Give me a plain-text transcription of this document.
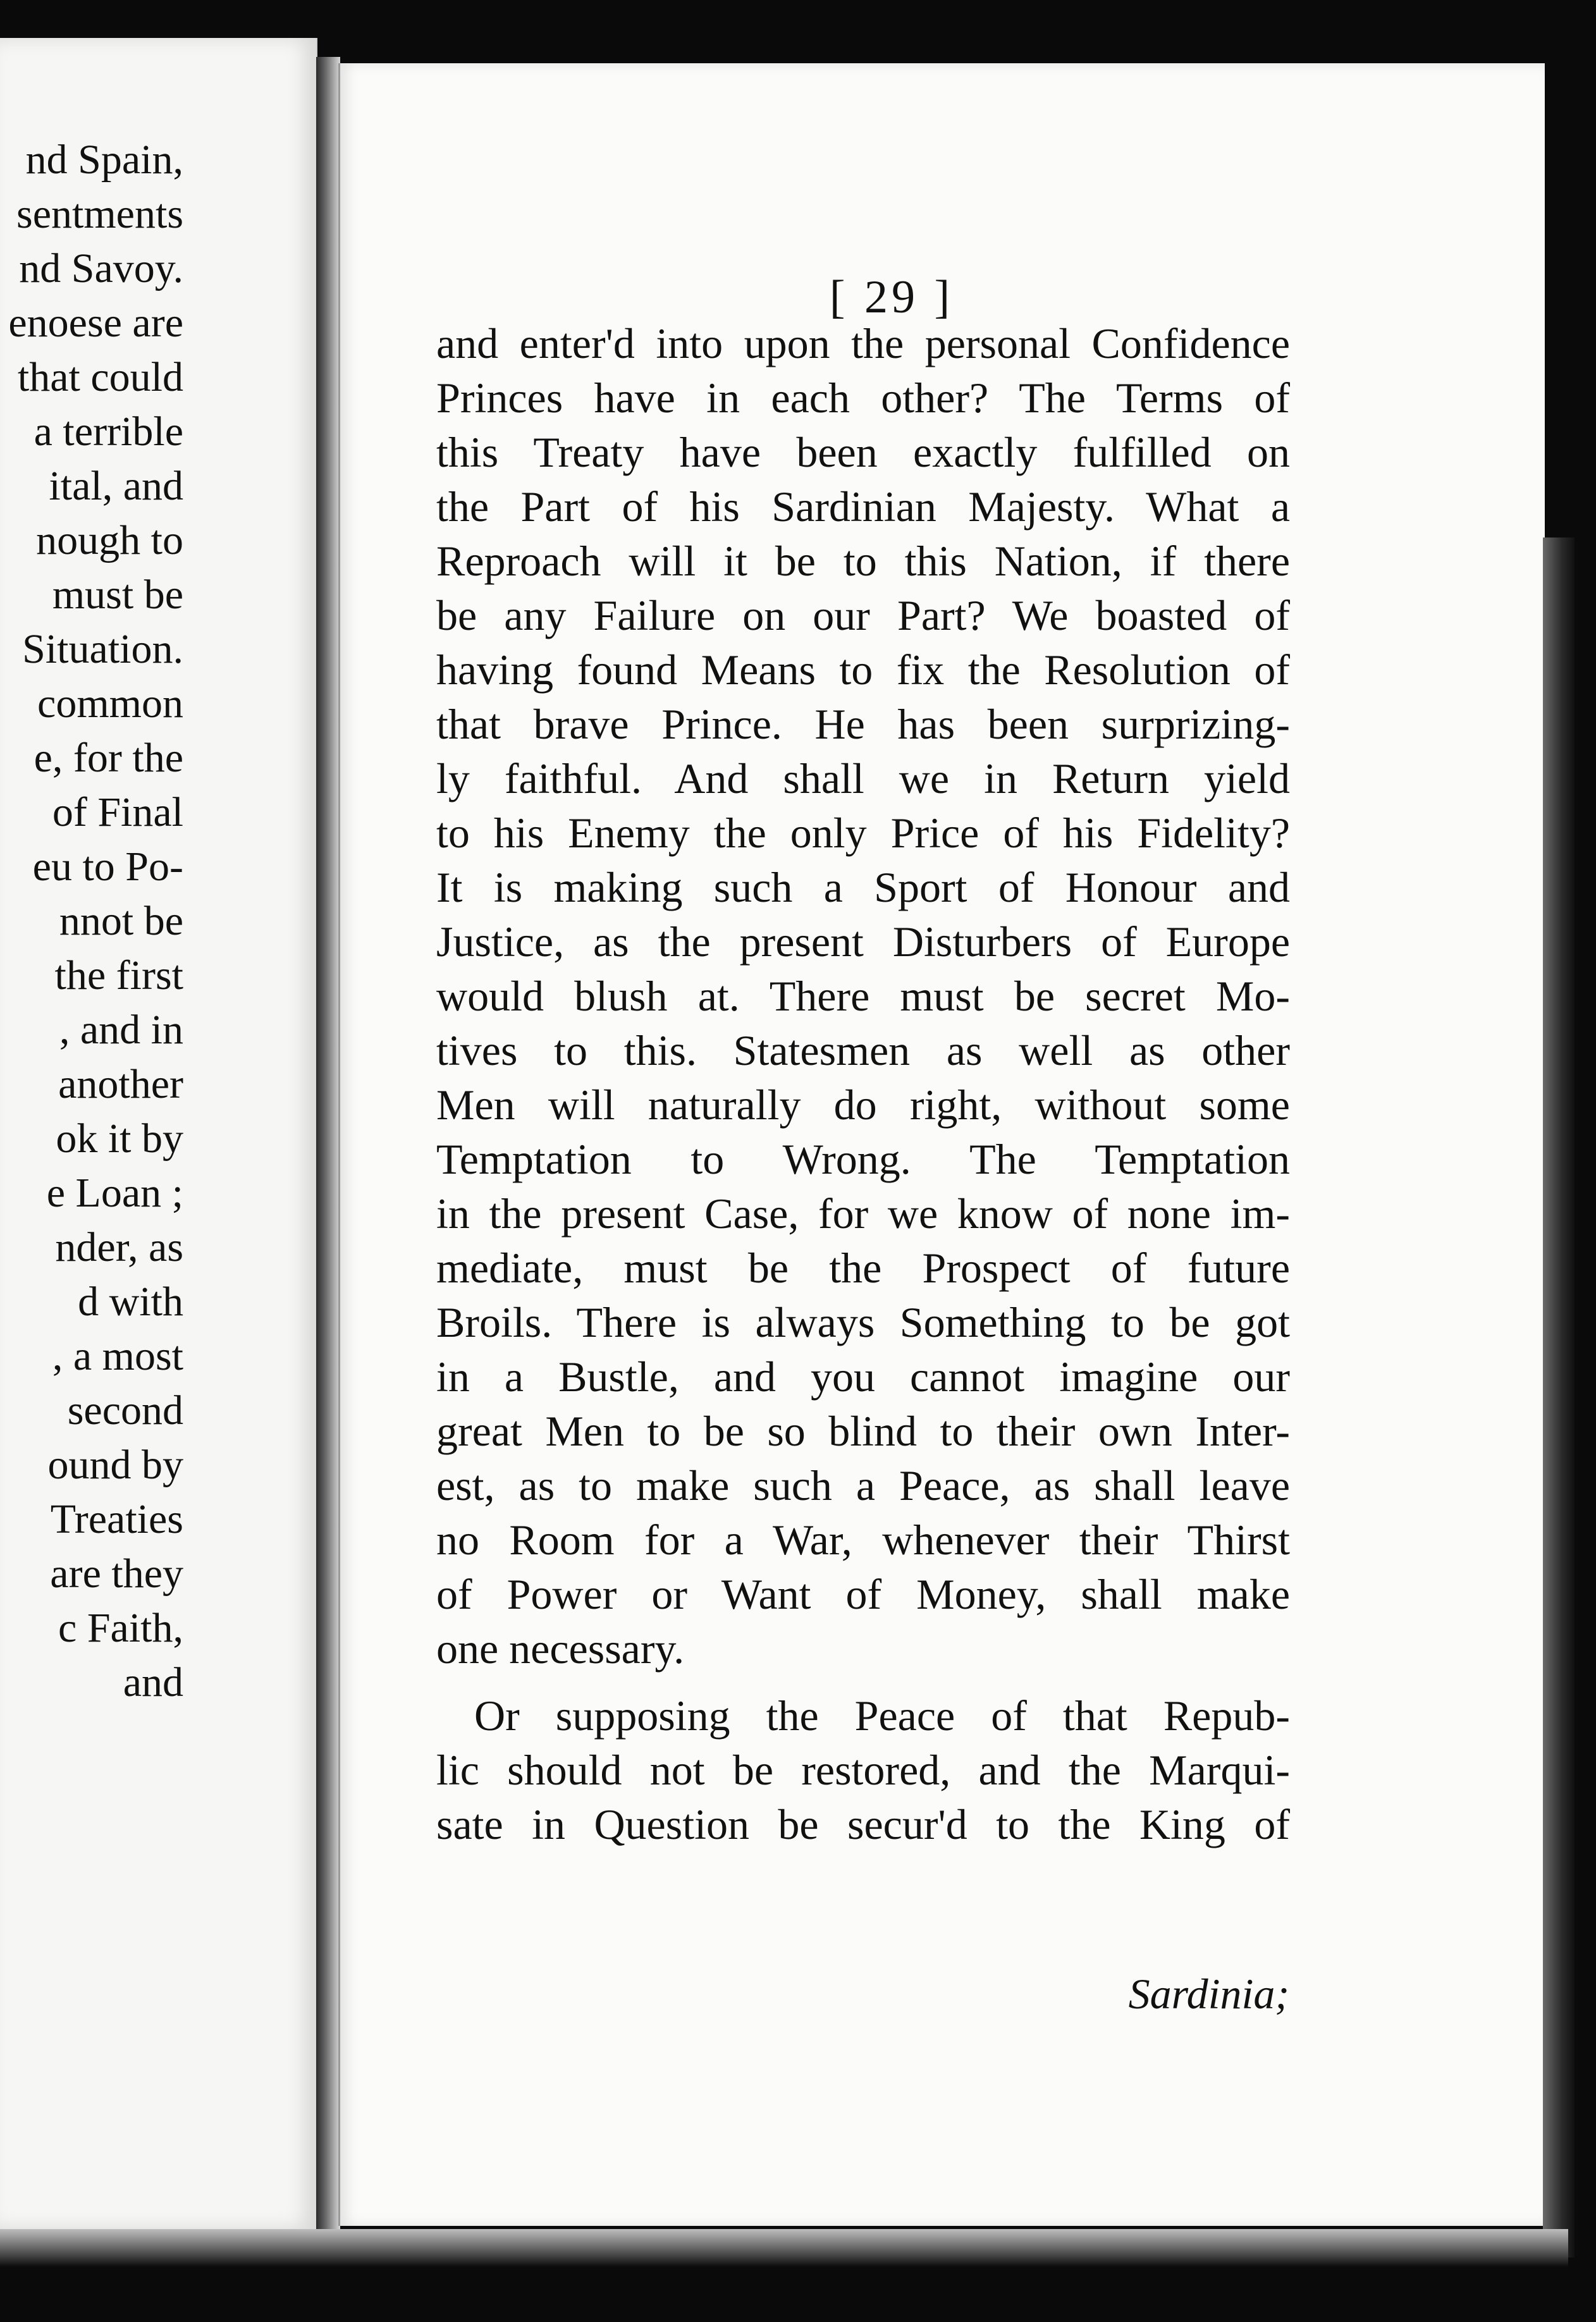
nd Spain,
sentments
nd Savoy.
enoese are
that could
a terrible
ital, and
nough to
must be
Situation.
common
e, for the
of Final
eu to Po-
nnot be
the first
, and in
another
ok it by
e Loan ;
nder, as
d with
, a most
second
ound by
Treaties
are they
c Faith,
and
[ 29 ]
and enter'd into upon the personal Confidence
Princes have in each other? The Terms of
this Treaty have been exactly fulfilled on
the Part of his Sardinian Majesty. What a
Reproach will it be to this Nation, if there
be any Failure on our Part? We boasted of
having found Means to fix the Resolution of
that brave Prince. He has been surprizing-
ly faithful. And shall we in Return yield
to his Enemy the only Price of his Fidelity?
It is making such a Sport of Honour and
Justice, as the present Disturbers of Europe
would blush at. There must be secret Mo-
tives to this. Statesmen as well as other
Men will naturally do right, without some
Temptation to Wrong. The Temptation
in the present Case, for we know of none im-
mediate, must be the Prospect of future
Broils. There is always Something to be got
in a Bustle, and you cannot imagine our
great Men to be so blind to their own Inter-
est, as to make such a Peace, as shall leave
no Room for a War, whenever their Thirst
of Power or Want of Money, shall make
one necessary.
Or supposing the Peace of that Repub-
lic should not be restored, and the Marqui-
sate in Question be secur'd to the King of
Sardinia;
